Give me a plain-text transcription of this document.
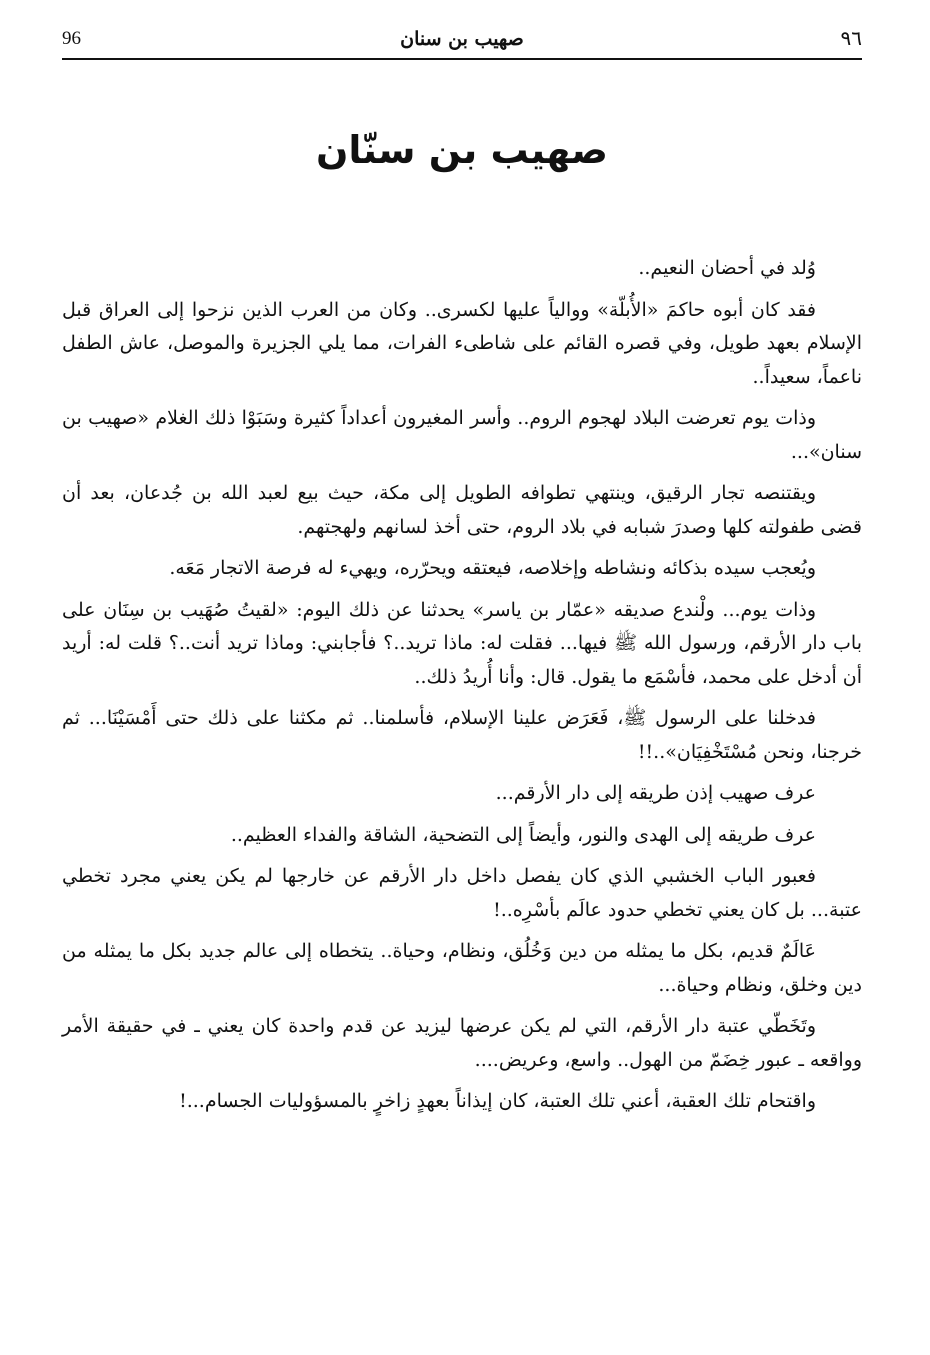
96	صهيب بن سنان	٩٦
صهيب بن سنّان

وُلد في أحضان النعيم..

فقد كان أبوه حاكمَ «الأُبلّة» ووالياً عليها لكسرى.. وكان من العرب الذين نزحوا إلى العراق قبل الإسلام بعهد طويل، وفي قصره القائم على شاطىء الفرات، مما يلي الجزيرة والموصل، عاش الطفل ناعماً، سعيداً..

وذات يوم تعرضت البلاد لهجوم الروم.. وأسر المغيرون أعداداً كثيرة وسَبَوْا ذلك الغلام «صهيب بن سنان»...

ويقتنصه تجار الرقيق، وينتهي تطوافه الطويل إلى مكة، حيث بيع لعبد الله بن جُدعان، بعد أن قضى طفولته كلها وصدرَ شبابه في بلاد الروم، حتى أخذ لسانهم ولهجتهم.

ويُعجب سيده بذكائه ونشاطه وإخلاصه، فيعتقه ويحرّره، ويهيء له فرصة الاتجار مَعَه.

وذات يوم... ولْندع صديقه «عمّار بن ياسر» يحدثنا عن ذلك اليوم: «لقيتُ صُهَيب بن سِنَان على باب دار الأرقم، ورسول الله ﷺ فيها... فقلت له: ماذا تريد..؟ فأجابني: وماذا تريد أنت..؟ قلت له: أريد أن أدخل على محمد، فأسْمَع ما يقول. قال: وأنا أُريدُ ذلك..

فدخلنا على الرسول ﷺ، فَعَرَض علينا الإسلام، فأسلمنا.. ثم مكثنا على ذلك حتى أَمْسَيْنَا... ثم خرجنا، ونحن مُسْتَخْفِيَان»..!!

عرف صهيب إذن طريقه إلى دار الأرقم...

عرف طريقه إلى الهدى والنور، وأيضاً إلى التضحية، الشاقة والفداء العظيم..

فعبور الباب الخشبي الذي كان يفصل داخل دار الأرقم عن خارجها لم يكن يعني مجرد تخطي عتبة... بل كان يعني تخطي حدود عالَم بأسْرِه..!

عَالَمٌ قديم، بكل ما يمثله من دين وَخُلُق، ونظام، وحياة.. يتخطاه إلى عالم جديد بكل ما يمثله من دين وخلق، ونظام وحياة...

وتَخَطّي عتبة دار الأرقم، التي لم يكن عرضها ليزيد عن قدم واحدة كان يعني ـ في حقيقة الأمر وواقعه ـ عبور خِضَمّ من الهول.. واسع، وعريض....

واقتحام تلك العقبة، أعني تلك العتبة، كان إيذاناً بعهدٍ زاخرٍ بالمسؤوليات الجسام...!
